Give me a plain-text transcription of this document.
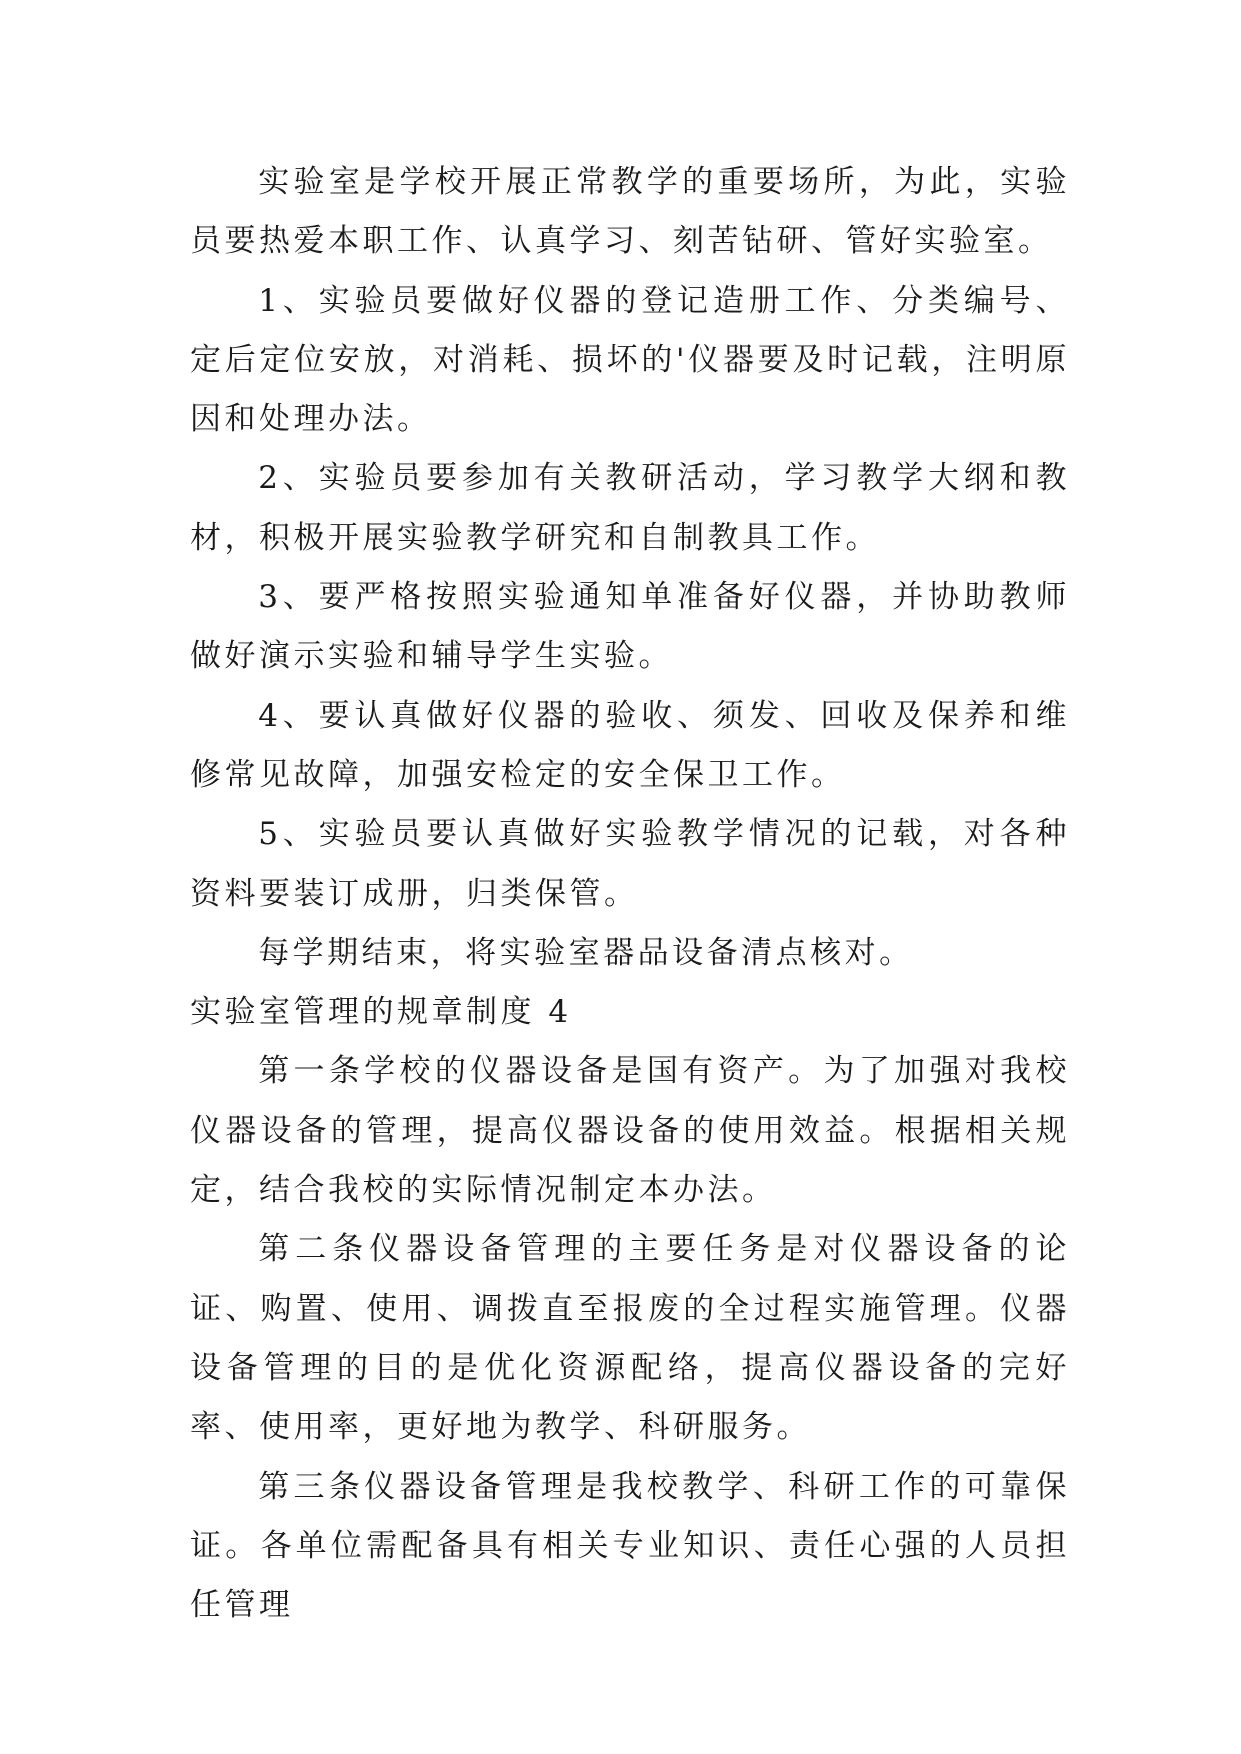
实验室是学校开展正常教学的重要场所，为此，实验员要热爱本职工作、认真学习、刻苦钻研、管好实验室。

1、实验员要做好仪器的登记造册工作、分类编号、定后定位安放，对消耗、损坏的'仪器要及时记载，注明原因和处理办法。

2、实验员要参加有关教研活动，学习教学大纲和教材，积极开展实验教学研究和自制教具工作。

3、要严格按照实验通知单准备好仪器，并协助教师做好演示实验和辅导学生实验。

4、要认真做好仪器的验收、须发、回收及保养和维修常见故障，加强安检定的安全保卫工作。

5、实验员要认真做好实验教学情况的记载，对各种资料要装订成册，归类保管。

每学期结束，将实验室器品设备清点核对。

实验室管理的规章制度 4

第一条学校的仪器设备是国有资产。为了加强对我校仪器设备的管理，提高仪器设备的使用效益。根据相关规定，结合我校的实际情况制定本办法。

第二条仪器设备管理的主要任务是对仪器设备的论证、购置、使用、调拨直至报废的全过程实施管理。仪器设备管理的目的是优化资源配络，提高仪器设备的完好率、使用率，更好地为教学、科研服务。

第三条仪器设备管理是我校教学、科研工作的可靠保证。各单位需配备具有相关专业知识、责任心强的人员担任管理
